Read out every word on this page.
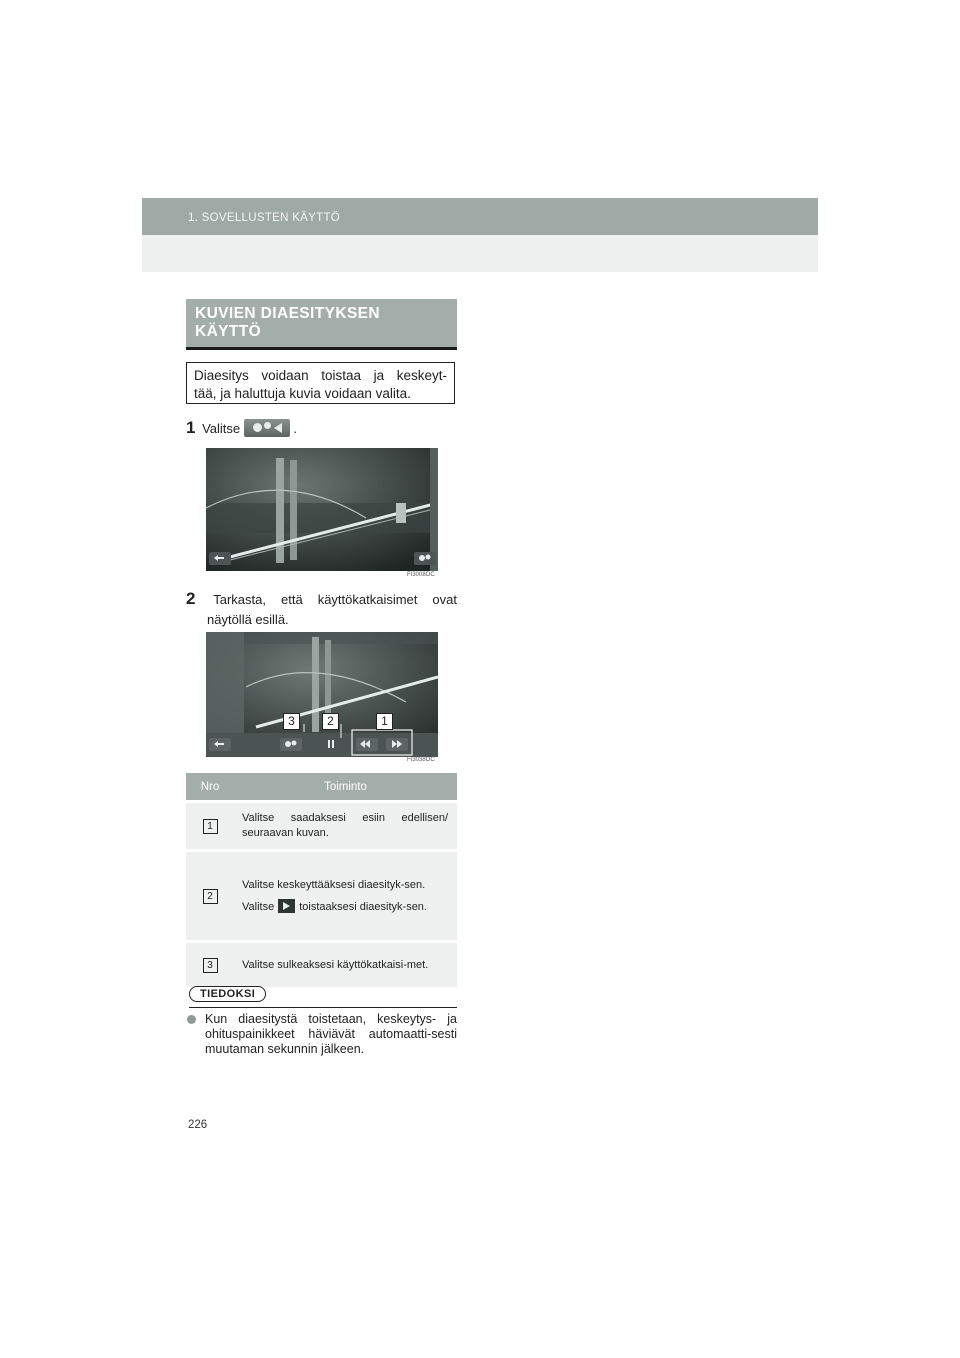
1. SOVELLUSTEN KÄYTTÖ
KUVIEN DIAESITYKSEN KÄYTTÖ
Diaesitys voidaan toistaa ja keskeyt-
tää, ja haluttuja kuvia voidaan valita.
1 Valitse	.
FI3008OC
2 Tarkasta, että käyttökatkaisimet ovat
näytöllä esillä.
3	2	1
FI3038OC
Nro	Toiminto
1	Valitse saadaksesi esiin edellisen/ seuraavan kuvan.
2	Valitse keskeyttääksesi diaesityk-sen.

Valitse toistaaksesi diaesityk-sen.

3	Valitse sulkeaksesi käyttökatkaisi-met.
TIEDOKSI
Kun diaesitystä toistetaan, keskeytys- ja ohituspainikkeet häviävät automaatti-sesti muutaman sekunnin jälkeen.
226
